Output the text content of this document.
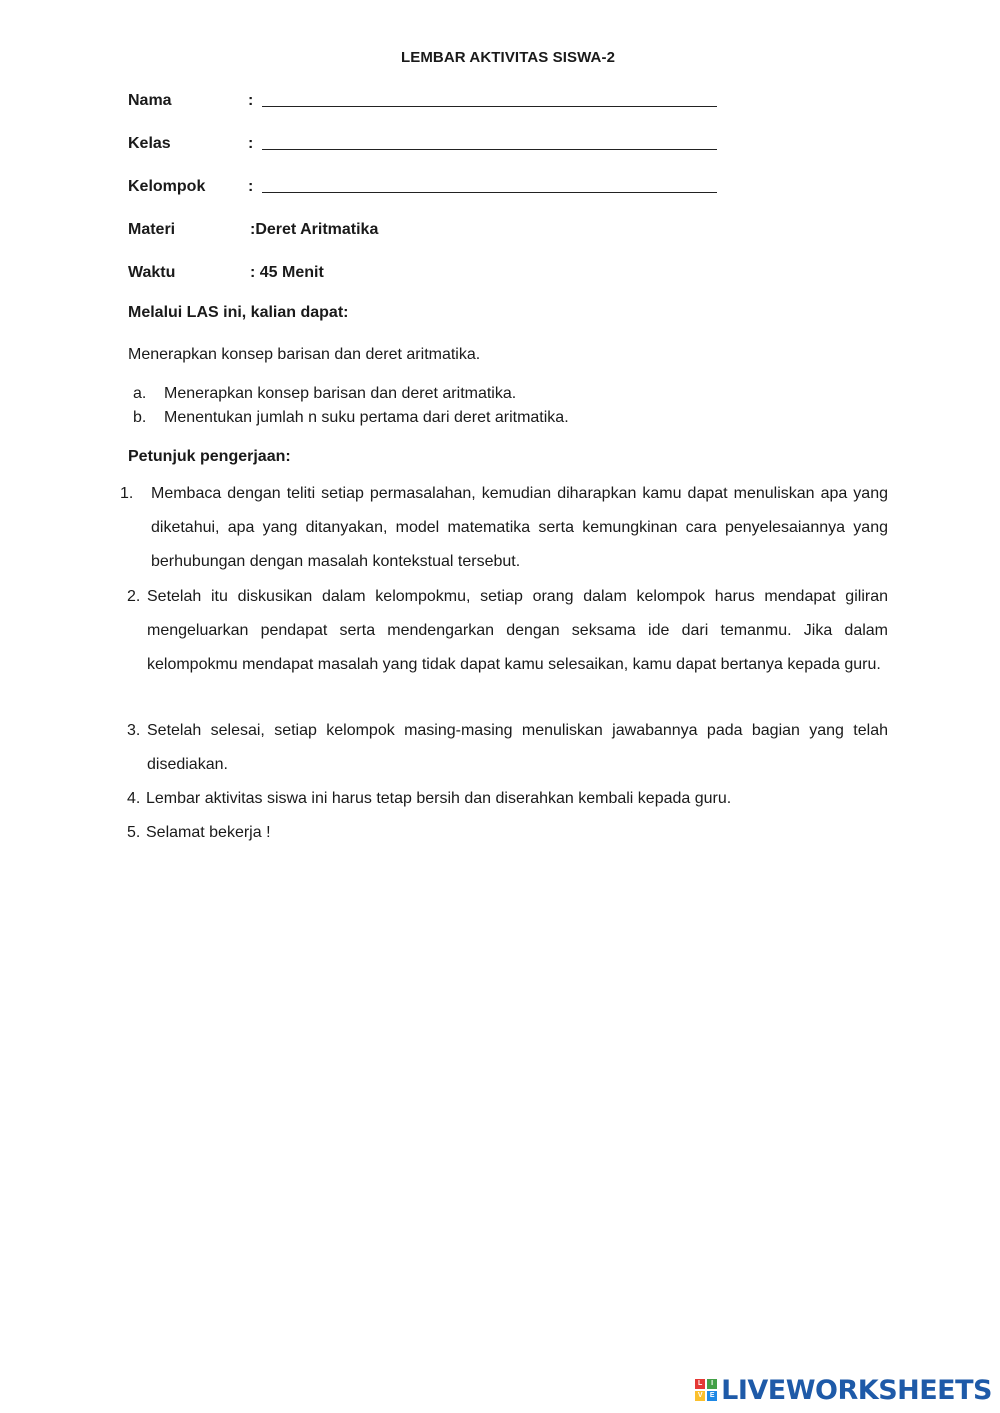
LEMBAR AKTIVITAS SISWA-2
Nama	:
Kelas	:
Kelompok	:
Materi	:Deret Aritmatika
Waktu	: 45 Menit
Melalui LAS ini, kalian dapat:
Menerapkan konsep barisan dan deret aritmatika.
a. Menerapkan konsep barisan dan deret aritmatika.
b. Menentukan jumlah n suku pertama dari deret aritmatika.
Petunjuk pengerjaan:
1. Membaca dengan teliti setiap permasalahan, kemudian diharapkan kamu dapat menuliskan apa yang diketahui, apa yang ditanyakan, model matematika serta kemungkinan cara penyelesaiannya yang berhubungan dengan masalah kontekstual tersebut.
2. Setelah itu diskusikan dalam kelompokmu, setiap orang dalam kelompok harus mendapat giliran mengeluarkan pendapat serta mendengarkan dengan seksama ide dari temanmu. Jika dalam kelompokmu mendapat masalah yang tidak dapat kamu selesaikan, kamu dapat bertanya kepada guru.
3. Setelah selesai, setiap kelompok masing-masing menuliskan jawabannya pada bagian yang telah disediakan.
4. Lembar aktivitas siswa ini harus tetap bersih dan diserahkan kembali kepada guru.
5. Selamat bekerja !
L	I
V	E LIVEWORKSHEETS
